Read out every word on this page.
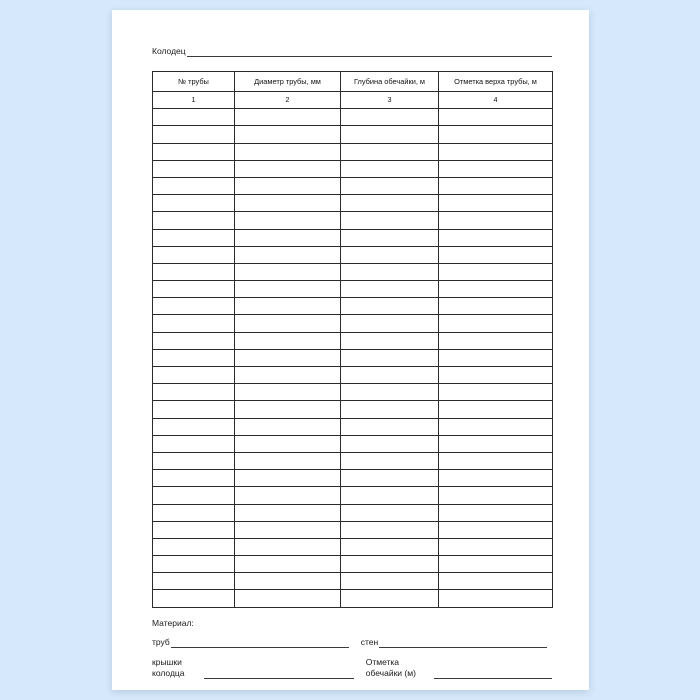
Колодец
№ трубы	Диаметр трубы, мм	Глубина обечайки, м	Отметка верха трубы, м
1	2	3	4

Материал:
труб	стен
крышки колодца
Отметка обечайки (м)
